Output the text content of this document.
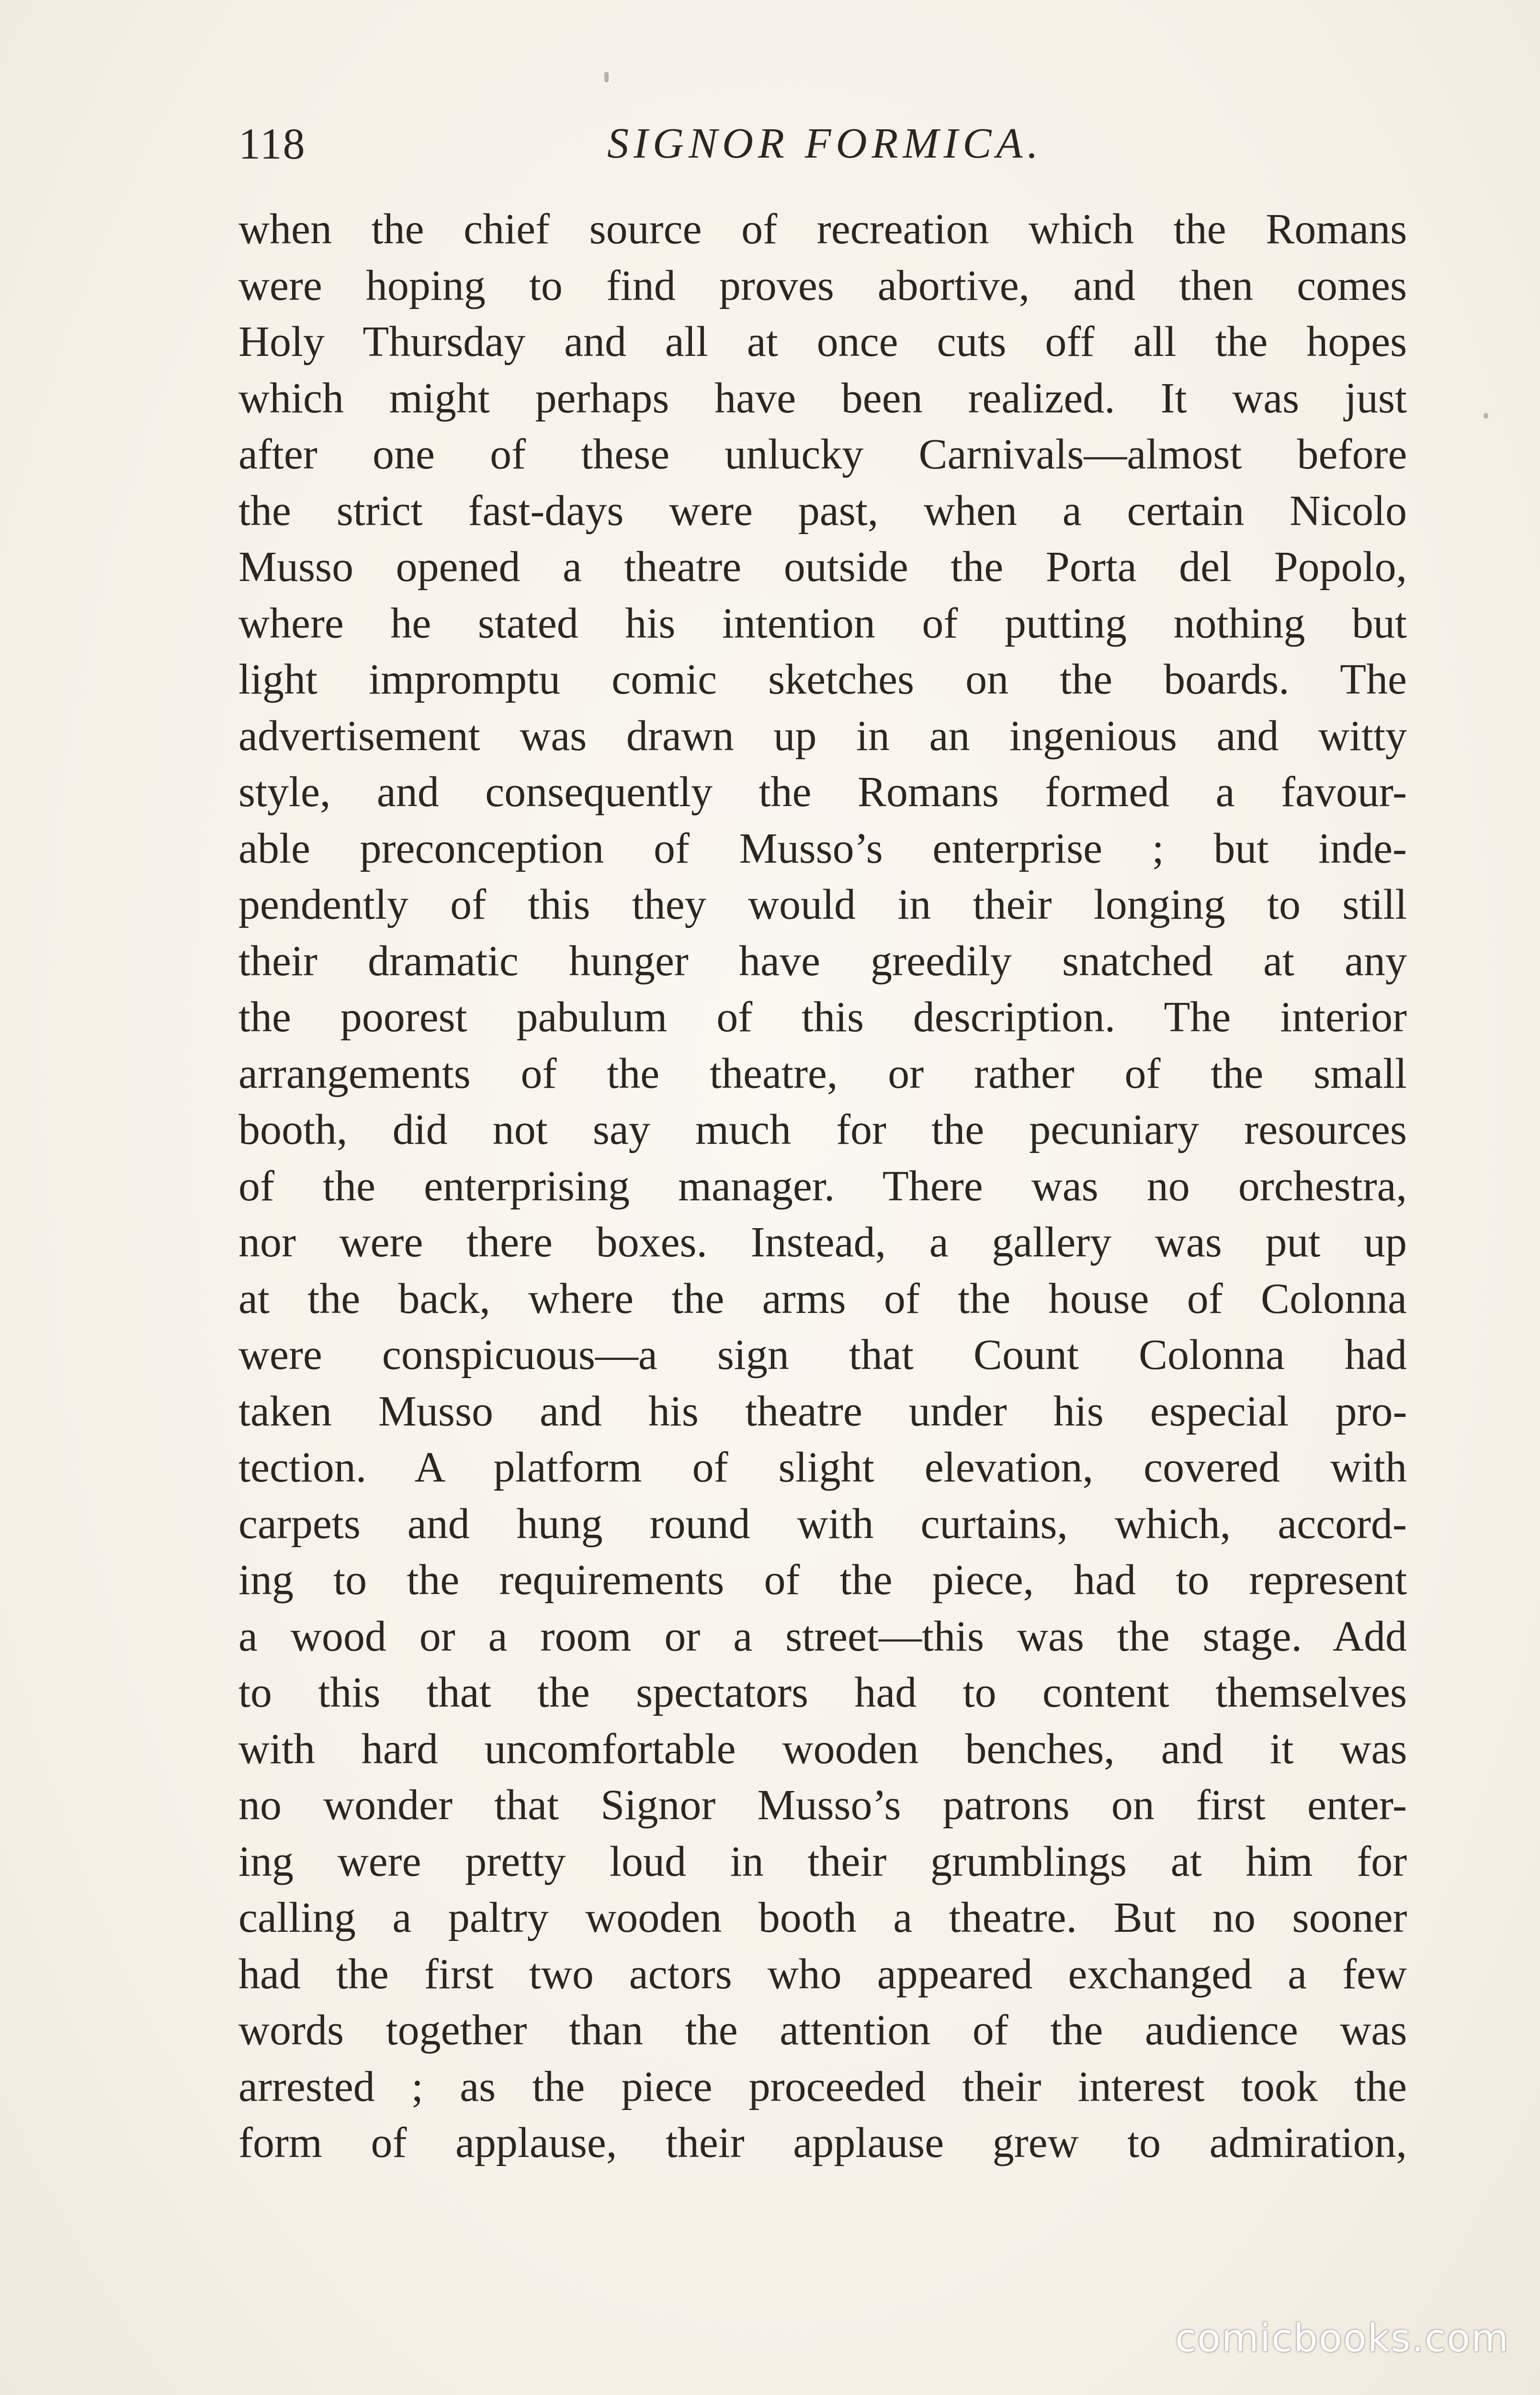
118	SIGNOR FORMICA.
when the chief source of recreation which the Romans
were hoping to find proves abortive, and then comes
Holy Thursday and all at once cuts off all the hopes
which might perhaps have been realized. It was just
after one of these unlucky Carnivals—almost before
the strict fast-days were past, when a certain Nicolo
Musso opened a theatre outside the Porta del Popolo,
where he stated his intention of putting nothing but
light impromptu comic sketches on the boards. The
advertisement was drawn up in an ingenious and witty
style, and consequently the Romans formed a favour-
able preconception of Musso’s enterprise ; but inde-
pendently of this they would in their longing to still
their dramatic hunger have greedily snatched at any
the poorest pabulum of this description. The interior
arrangements of the theatre, or rather of the small
booth, did not say much for the pecuniary resources
of the enterprising manager. There was no orchestra,
nor were there boxes. Instead, a gallery was put up
at the back, where the arms of the house of Colonna
were conspicuous—a sign that Count Colonna had
taken Musso and his theatre under his especial pro-
tection. A platform of slight elevation, covered with
carpets and hung round with curtains, which, accord-
ing to the requirements of the piece, had to represent
a wood or a room or a street—this was the stage. Add
to this that the spectators had to content themselves
with hard uncomfortable wooden benches, and it was
no wonder that Signor Musso’s patrons on first enter-
ing were pretty loud in their grumblings at him for
calling a paltry wooden booth a theatre. But no sooner
had the first two actors who appeared exchanged a few
words together than the attention of the audience was
arrested ; as the piece proceeded their interest took the
form of applause, their applause grew to admiration,
comicbooks.com
